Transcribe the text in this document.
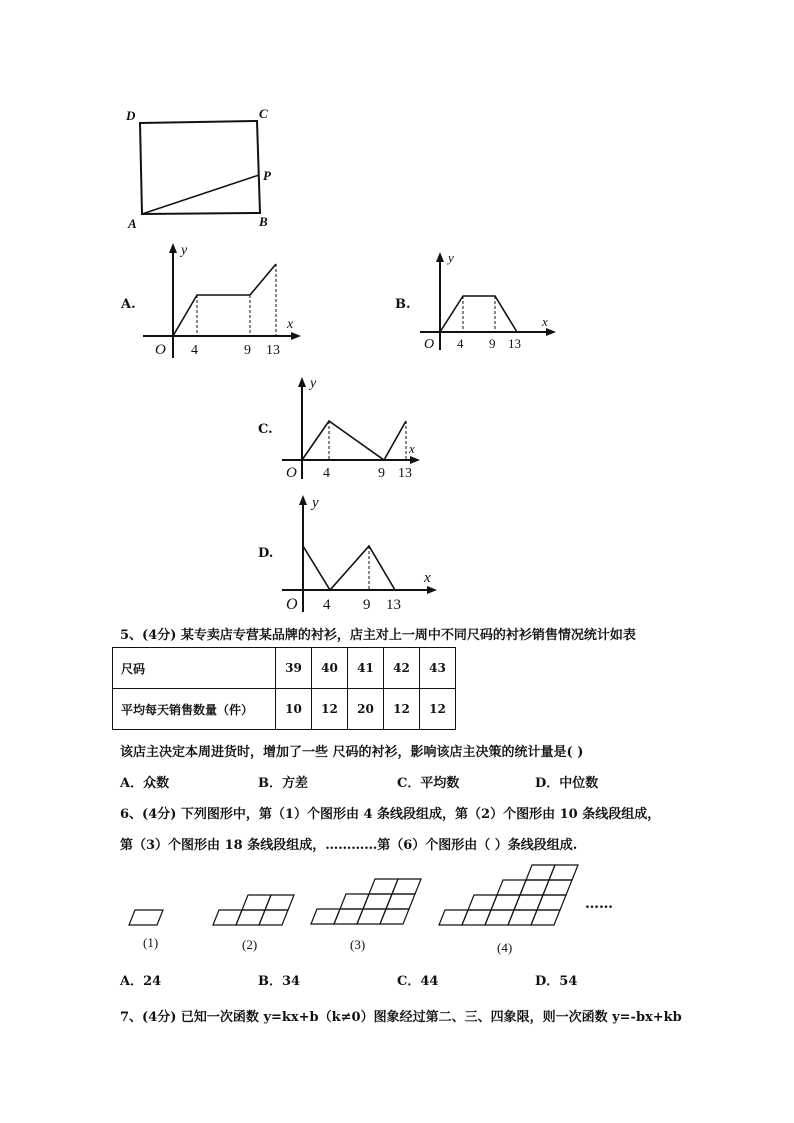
D	C
P
A	B
A.
y
x
O 4	9 13
B.
y
x
O 4 9 13
C.
y
x
O 4	9 13
D.
y
x
O 4 9 13
5、(4分) 某专卖店专营某品牌的衬衫，店主对上一周中不同尺码的衬衫销售情况统计如表
尺码	39	40	41	42	43
平均每天销售数量（件）	10	12	20	12	12
该店主决定本周进货时，增加了一些 尺码的衬衫，影响该店主决策的统计量是( )
A．众数	B．方差	C．平均数	D．中位数
6、(4分) 下列图形中，第（1）个图形由 4 条线段组成，第（2）个图形由 10 条线段组成，
第（3）个图形由 18 条线段组成，…………第（6）个图形由（ ）条线段组成.
……
(1)	(2)	(3)	(4)
A．24	B．34	C．44	D．54
7、(4分) 已知一次函数 y=kx+b（k≠0）图象经过第二、三、四象限，则一次函数 y=-bx+kb
